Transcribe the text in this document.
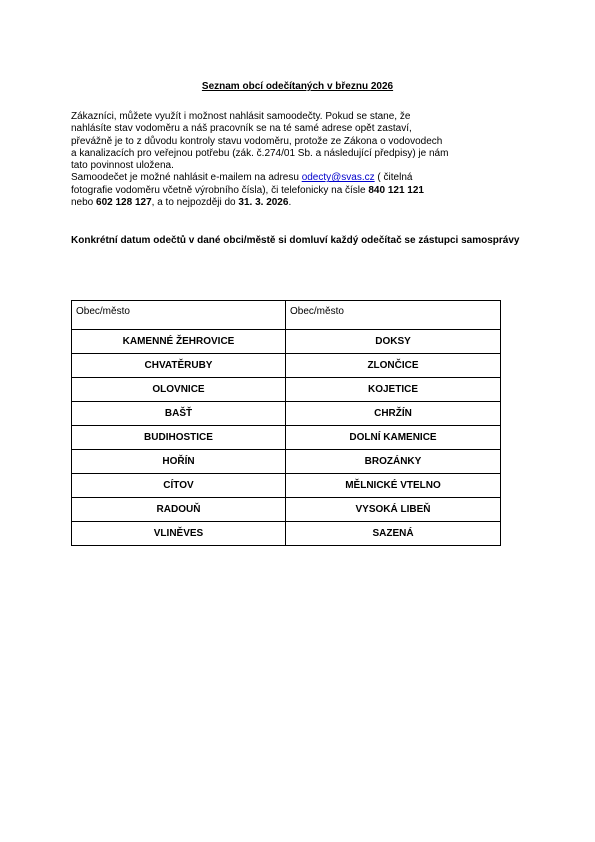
Seznam obcí odečítaných v březnu 2026
Zákazníci, můžete využít i možnost nahlásit samoodečty. Pokud se stane, že
nahlásíte stav vodoměru a náš pracovník se na té samé adrese opět zastaví,
převážně je to z důvodu kontroly stavu vodoměru, protože ze Zákona o vodovodech
a kanalizacích pro veřejnou potřebu (zák. č.274/01 Sb. a následující předpisy) je nám
tato povinnost uložena.
Samoodečet je možné nahlásit e-mailem na adresu odecty@svas.cz ( čitelná
fotografie vodoměru včetně výrobního čísla), či telefonicky na čísle 840 121 121
nebo 602 128 127, a to nejpozději do 31. 3. 2026.
Konkrétní datum odečtů v dané obci/městě si domluví každý odečítač se zástupci samosprávy
Obec/město	Obec/město
KAMENNÉ ŽEHROVICE	DOKSY
CHVATĚRUBY	ZLONČICE
OLOVNICE	KOJETICE
BAŠŤ	CHRŽÍN
BUDIHOSTICE	DOLNÍ KAMENICE
HOŘÍN	BROZÁNKY
CÍTOV	MĚLNICKÉ VTELNO
RADOUŇ	VYSOKÁ LIBEŇ
VLINĚVES	SAZENÁ
